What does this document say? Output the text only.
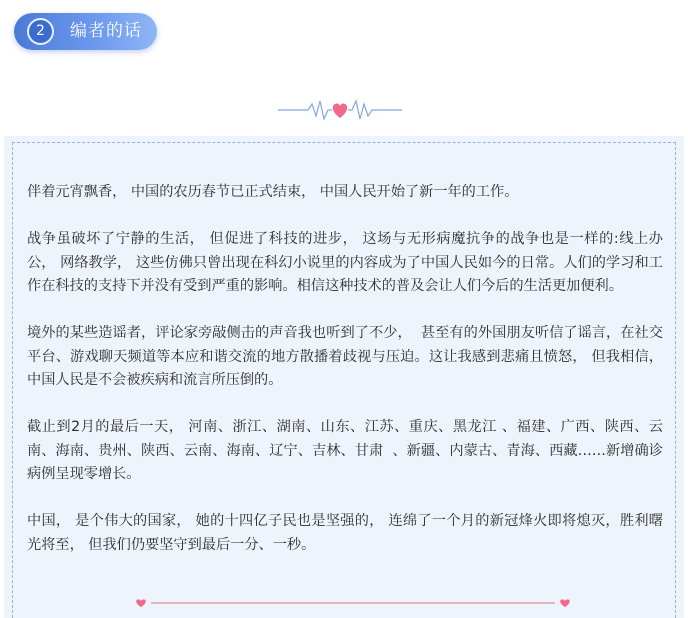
2	编者的话

伴着元宵飘香， 中国的农历春节已正式结束， 中国人民开始了新一年的工作。

战争虽破坏了宁静的生活， 但促进了科技的进步， 这场与无形病魔抗争的战争也是一样的:线上办公， 网络教学， 这些仿佛只曾出现在科幻小说里的内容成为了中国人民如今的日常。人们的学习和工作在科技的支持下并没有受到严重的影响。相信这种技术的普及会让人们今后的生活更加便利。

境外的某些造谣者，评论家旁敲侧击的声音我也听到了不少，  甚至有的外国朋友听信了谣言，在社交平台、游戏聊天频道等本应和谐交流的地方散播着歧视与压迫。这让我感到悲痛且愤怒， 但我相信， 中国人民是不会被疾病和流言所压倒的。

截止到2月的最后一天， 河南、浙江、湖南、山东、江苏、重庆、黑龙江 、福建、广西、陕西、云南、海南、贵州、陕西、云南、海南、辽宁、吉林、甘肃  、新疆、内蒙古、青海、西藏……新增确诊病例呈现零增长。

中国， 是个伟大的国家， 她的十四亿子民也是坚强的， 连绵了一个月的新冠烽火即将熄灭，胜利曙光将至， 但我们仍要坚守到最后一分、一秒。
